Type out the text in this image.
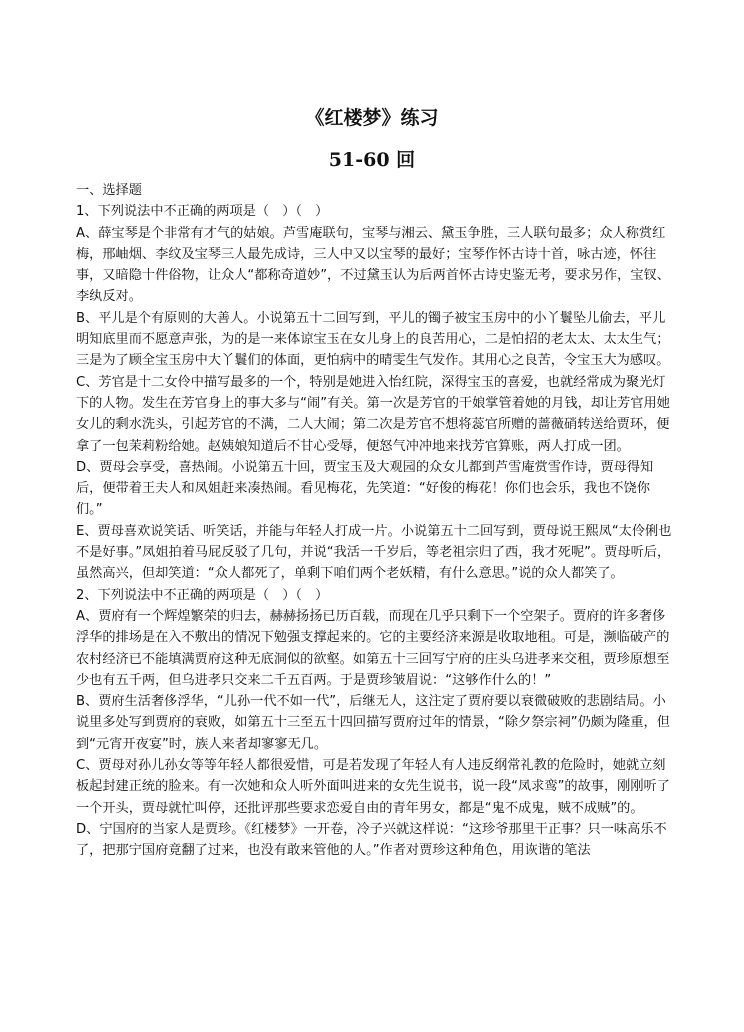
《红楼梦》练习
51-60 回

一、选择题

1、下列说法中不正确的两项是（　）（　）

A、薛宝琴是个非常有才气的姑娘。芦雪庵联句，宝琴与湘云、黛玉争胜，三人联句最多；众人称赏红梅，邢岫烟、李纹及宝琴三人最先成诗，三人中又以宝琴的最好；宝琴作怀古诗十首，咏古迹，怀往事，又暗隐十件俗物，让众人“都称奇道妙”，不过黛玉认为后两首怀古诗史鉴无考，要求另作，宝钗、李纨反对。

B、平儿是个有原则的大善人。小说第五十二回写到，平儿的镯子被宝玉房中的小丫鬟坠儿偷去，平儿明知底里而不愿意声张，为的是一来体谅宝玉在女儿身上的良苦用心，二是怕招的老太太、太太生气；三是为了顾全宝玉房中大丫鬟们的体面，更怕病中的晴雯生气发作。其用心之良苦，令宝玉大为感叹。

C、芳官是十二女伶中描写最多的一个，特别是她进入怡红院，深得宝玉的喜爱，也就经常成为聚光灯下的人物。发生在芳官身上的事大多与“闹”有关。第一次是芳官的干娘掌管着她的月钱，却让芳官用她女儿的剩水洗头，引起芳官的不满，二人大闹；第二次是芳官不想将蕊官所赠的蔷薇硝转送给贾环，便拿了一包茉莉粉给她。赵姨娘知道后不甘心受辱，便怒气冲冲地来找芳官算账，两人打成一团。

D、贾母会享受，喜热闹。小说第五十回，贾宝玉及大观园的众女儿都到芦雪庵赏雪作诗，贾母得知后，便带着王夫人和凤姐赶来凑热闹。看见梅花，先笑道：“好俊的梅花！你们也会乐，我也不饶你们。”

E、贾母喜欢说笑话、听笑话，并能与年轻人打成一片。小说第五十二回写到，贾母说王熙凤“太伶俐也不是好事。”凤姐拍着马屁反驳了几句，并说“我活一千岁后，等老祖宗归了西，我才死呢”。贾母听后，虽然高兴，但却笑道：“众人都死了，单剩下咱们两个老妖精，有什么意思。”说的众人都笑了。

2、下列说法中不正确的两项是（　）（　）

A、贾府有一个辉煌繁荣的归去，赫赫扬扬已历百载，而现在几乎只剩下一个空架子。贾府的许多奢侈浮华的排场是在入不敷出的情况下勉强支撑起来的。它的主要经济来源是收取地租。可是，濒临破产的农村经济已不能填满贾府这种无底洞似的欲壑。如第五十三回写宁府的庄头乌进孝来交租，贾珍原想至少也有五千两，但乌进孝只交来二千五百两。于是贾珍皱眉说：“这够作什么的！”

B、贾府生活奢侈浮华，“儿孙一代不如一代”，后继无人，这注定了贾府要以衰微破败的悲剧结局。小说里多处写到贾府的衰败，如第五十三至五十四回描写贾府过年的情景，“除夕祭宗祠”仍颇为隆重，但到“元宵开夜宴”时，族人来者却寥寥无几。

C、贾母对孙儿孙女等等年轻人都很爱惜，可是若发现了年轻人有人违反纲常礼教的危险时，她就立刻板起封建正统的脸来。有一次她和众人听外面叫进来的女先生说书，说一段“凤求鸾”的故事，刚刚听了一个开头，贾母就忙叫停，还批评那些要求恋爱自由的青年男女，都是“鬼不成鬼，贼不成贼”的。

D、宁国府的当家人是贾珍。《红楼梦》一开卷，冷子兴就这样说：“这珍爷那里干正事？只一味高乐不了，把那宁国府竟翻了过来，也没有敢来管他的人。”作者对贾珍这种角色，用诙谐的笔法
